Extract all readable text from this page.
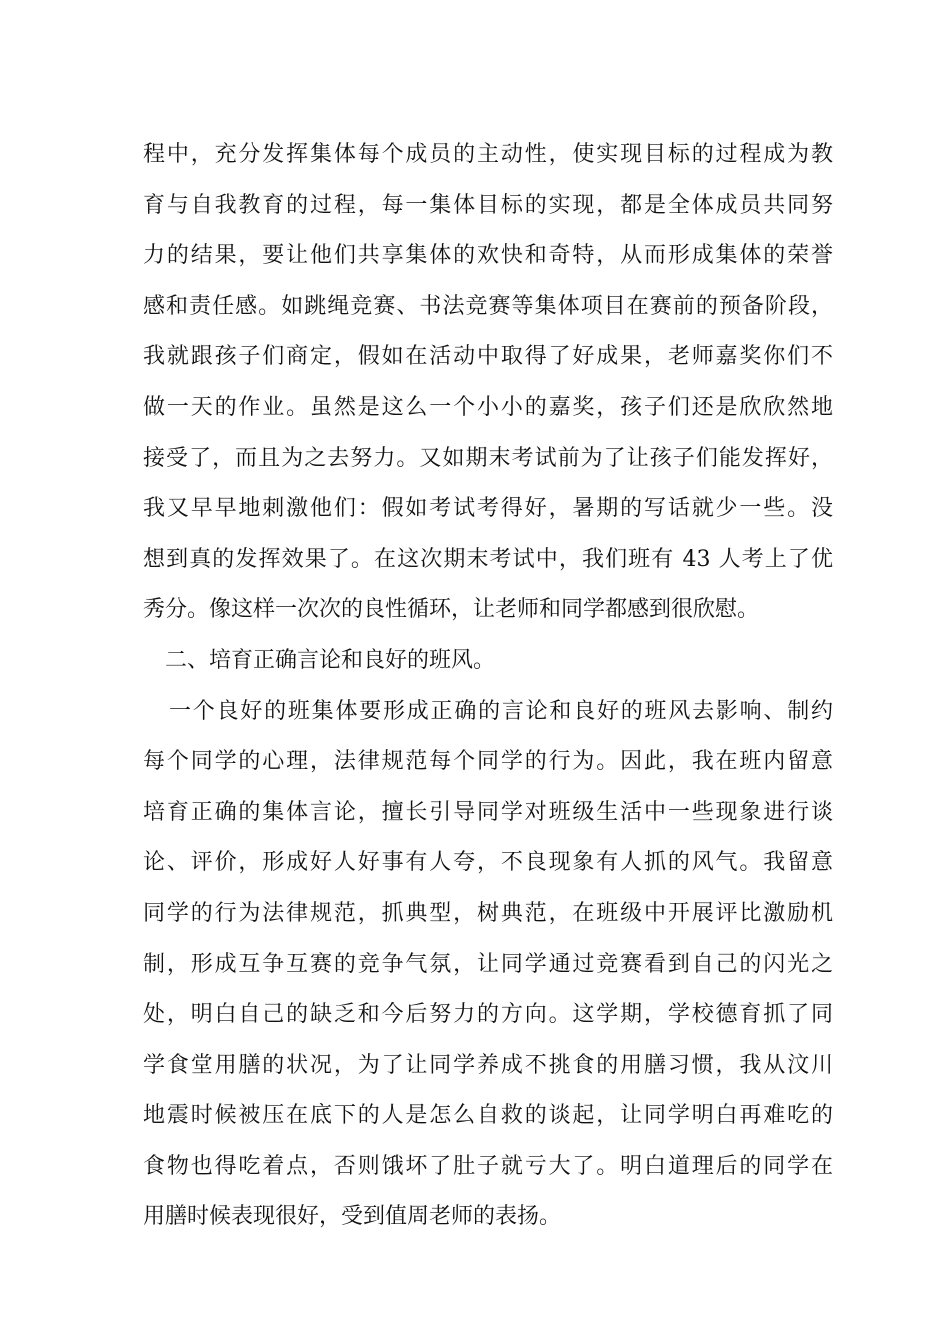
程中，充分发挥集体每个成员的主动性，使实现目标的过程成为教
育与自我教育的过程，每一集体目标的实现，都是全体成员共同努
力的结果，要让他们共享集体的欢快和奇特，从而形成集体的荣誉
感和责任感。如跳绳竞赛、书法竞赛等集体项目在赛前的预备阶段，
我就跟孩子们商定，假如在活动中取得了好成果，老师嘉奖你们不
做一天的作业。虽然是这么一个小小的嘉奖，孩子们还是欣欣然地
接受了，而且为之去努力。又如期末考试前为了让孩子们能发挥好，
我又早早地刺激他们：假如考试考得好，暑期的写话就少一些。没
想到真的发挥效果了。在这次期末考试中，我们班有 43 人考上了优
秀分。像这样一次次的良性循环，让老师和同学都感到很欣慰。
二、培育正确言论和良好的班风。
一个良好的班集体要形成正确的言论和良好的班风去影响、制约
每个同学的心理，法律规范每个同学的行为。因此，我在班内留意
培育正确的集体言论，擅长引导同学对班级生活中一些现象进行谈
论、评价，形成好人好事有人夸，不良现象有人抓的风气。我留意
同学的行为法律规范，抓典型，树典范，在班级中开展评比激励机
制，形成互争互赛的竞争气氛，让同学通过竞赛看到自己的闪光之
处，明白自己的缺乏和今后努力的方向。这学期，学校德育抓了同
学食堂用膳的状况，为了让同学养成不挑食的用膳习惯，我从汶川
地震时候被压在底下的人是怎么自救的谈起，让同学明白再难吃的
食物也得吃着点，否则饿坏了肚子就亏大了。明白道理后的同学在
用膳时候表现很好，受到值周老师的表扬。
